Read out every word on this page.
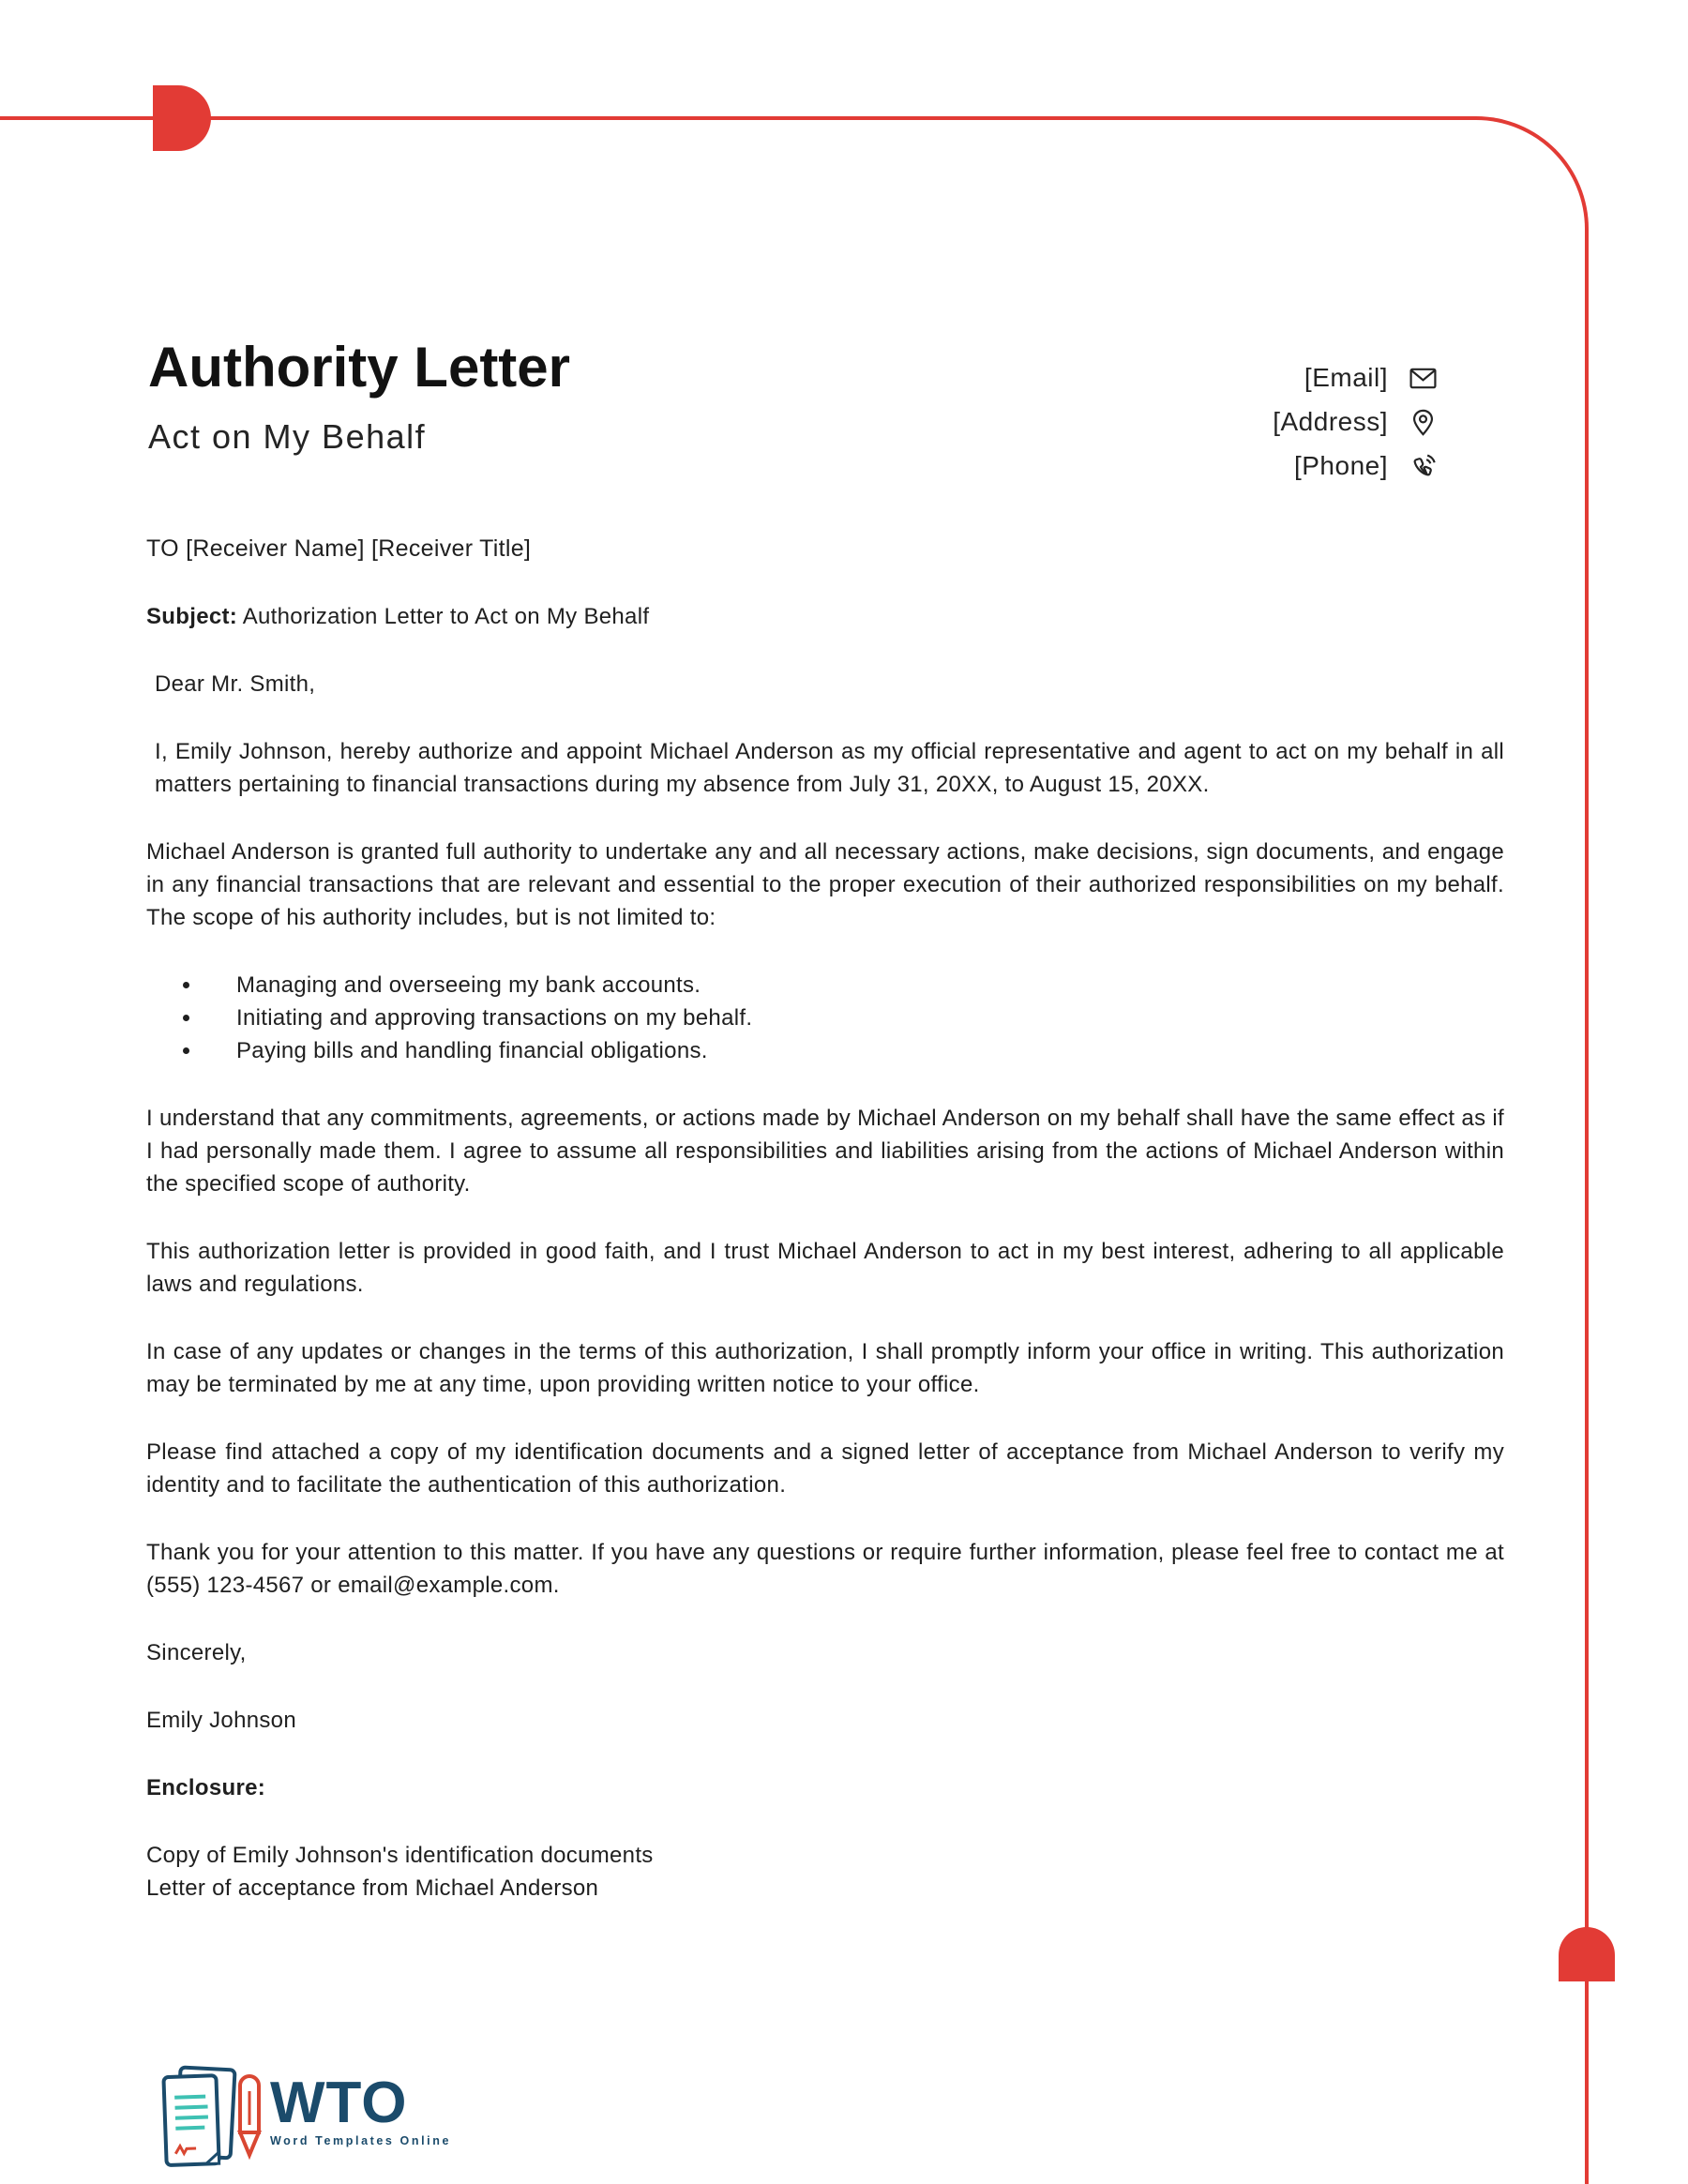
Authority Letter
Act on My Behalf
[Email]
[Address]
[Phone]

TO [Receiver Name] [Receiver Title]

Subject: Authorization Letter to Act on My Behalf

Dear Mr. Smith,

I, Emily Johnson, hereby authorize and appoint Michael Anderson as my official representative and agent to act on my behalf in all matters pertaining to financial transactions during my absence from July 31, 20XX, to August 15, 20XX.

Michael Anderson is granted full authority to undertake any and all necessary actions, make decisions, sign documents, and engage in any financial transactions that are relevant and essential to the proper execution of their authorized responsibilities on my behalf. The scope of his authority includes, but is not limited to:

• Managing and overseeing my bank accounts.
• Initiating and approving transactions on my behalf.
• Paying bills and handling financial obligations.

I understand that any commitments, agreements, or actions made by Michael Anderson on my behalf shall have the same effect as if I had personally made them. I agree to assume all responsibilities and liabilities arising from the actions of Michael Anderson within the specified scope of authority.

This authorization letter is provided in good faith, and I trust Michael Anderson to act in my best interest, adhering to all applicable laws and regulations.

In case of any updates or changes in the terms of this authorization, I shall promptly inform your office in writing. This authorization may be terminated by me at any time, upon providing written notice to your office.

Please find attached a copy of my identification documents and a signed letter of acceptance from Michael Anderson to verify my identity and to facilitate the authentication of this authorization.

Thank you for your attention to this matter. If you have any questions or require further information, please feel free to contact me at (555) 123-4567 or email@example.com.

Sincerely,

Emily Johnson

Enclosure:

Copy of Emily Johnson's identification documents

Letter of acceptance from Michael Anderson

WTO
Word Templates Online
